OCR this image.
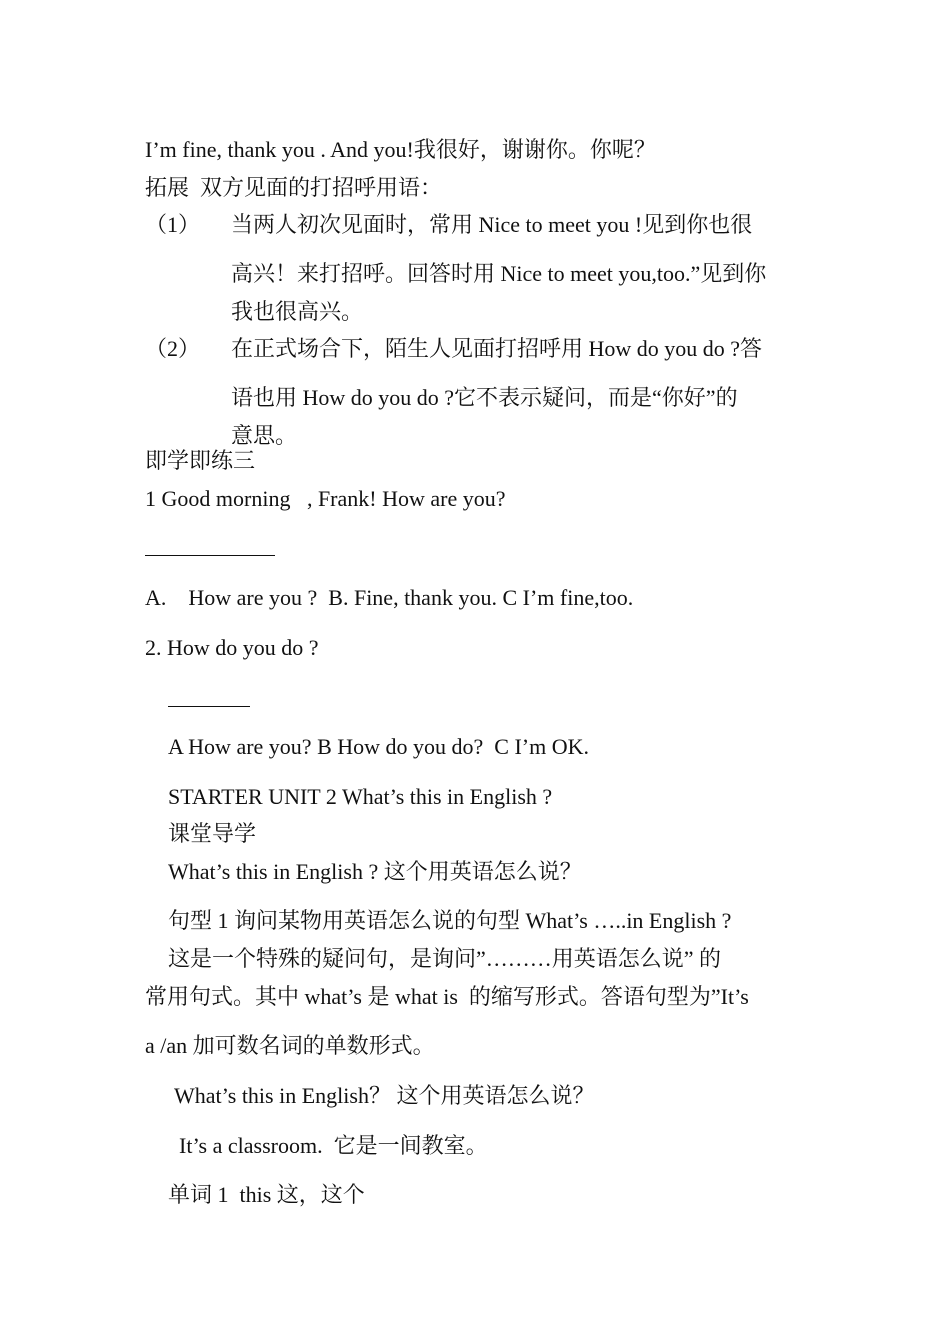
I’m fine, thank you . And you!我很好，谢谢你。你呢？
拓展  双方见面的打招呼用语：
（1） 当两人初次见面时，常用 Nice to meet you !见到你也很
高兴！来打招呼。回答时用 Nice to meet you,too.”见到你
我也很高兴。
（2） 在正式场合下，陌生人见面打招呼用 How do you do ?答
语也用 How do you do ?它不表示疑问，而是“你好”的
意思。
即学即练三
1 Good morning   , Frank! How are you?
A.    How are you ?  B. Fine, thank you. C I’m fine,too.
2. How do you do ?
A How are you? B How do you do?  C I’m OK.
STARTER UNIT 2 What’s this in English ?
课堂导学
What’s this in English ? 这个用英语怎么说？
句型 1 询问某物用英语怎么说的句型 What’s …..in English ?
这是一个特殊的疑问句，是询问”………用英语怎么说” 的
常用句式。其中 what’s 是 what is  的缩写形式。答语句型为”It’s
a /an 加可数名词的单数形式。
What’s this in English？ 这个用英语怎么说？
It’s a classroom.  它是一间教室。
单词 1  this 这，这个
